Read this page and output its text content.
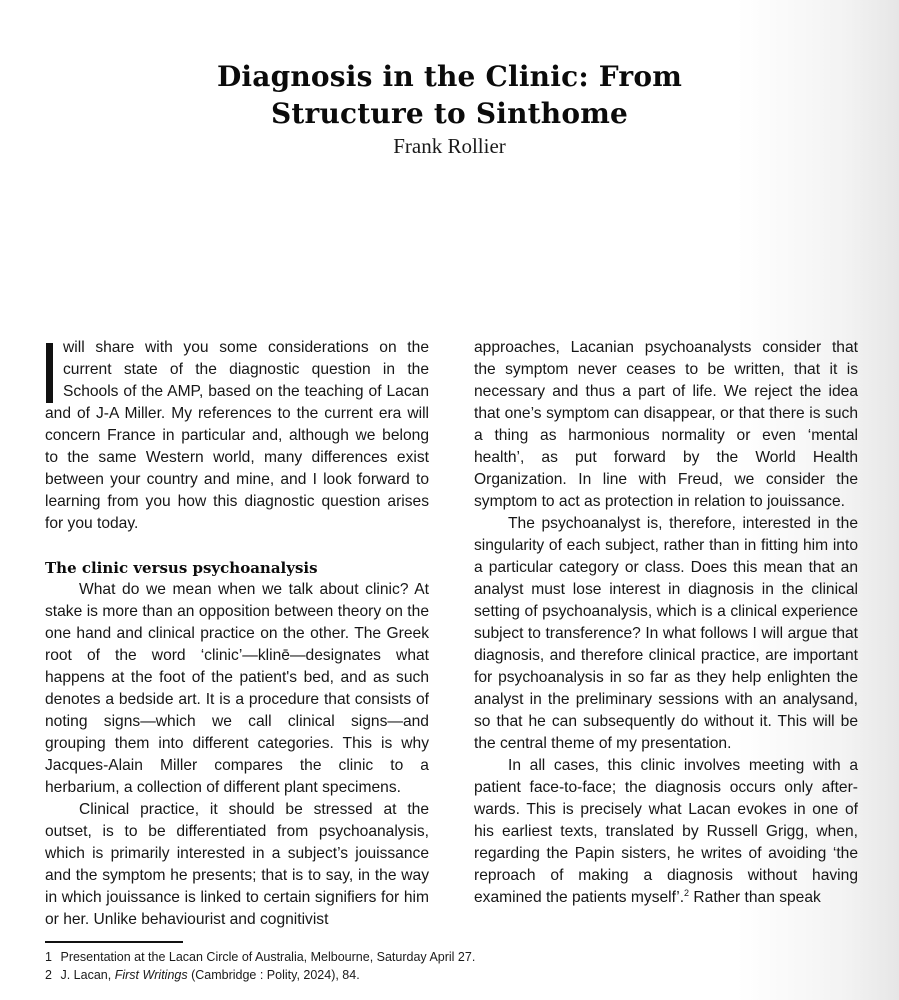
Diagnosis in the Clinic: From
Structure to Sinthome
Frank Rollier

will share with you some considerations on the current state of the diagnostic question in the Schools of the AMP, based on the teaching of Lacan and of J-A Miller. My references to the current era will concern France in particular and, although we belong to the same Western world, many differences exist between your country and mine, and I look forward to learning from you how this diagnostic question arises for you today.

The clinic versus psychoanalysis

What do we mean when we talk about clinic? At stake is more than an opposition between theory on the one hand and clinical practice on the other. The Greek root of the word ‘clinic’—klinē—designates what happens at the foot of the patient's bed, and as such denotes a bedside art. It is a procedure that consists of noting signs—which we call clinical signs—and grouping them into different categories. This is why Jacques-Alain Miller compares the clinic to a herbarium, a collection of different plant specimens.

Clinical practice, it should be stressed at the outset, is to be differentiated from psychoanalysis, which is primarily interested in a subject’s jouissance and the symptom he presents; that is to say, in the way in which jouissance is linked to certain signifiers for him or her. Unlike behaviourist and cognitivist

approaches, Lacanian psychoanalysts consider that the symptom never ceases to be written, that it is necessary and thus a part of life. We reject the idea that one’s symptom can disappear, or that there is such a thing as harmonious normality or even ‘mental health’, as put forward by the World Health Organization. In line with Freud, we consider the symptom to act as protection in relation to jouissance.

The psychoanalyst is, therefore, interested in the singularity of each subject, rather than in fitting him into a particular category or class. Does this mean that an analyst must lose interest in diagnosis in the clinical setting of psychoanalysis, which is a clinical experience subject to transference? In what follows I will argue that diagnosis, and therefore clinical practice, are important for psychoanalysis in so far as they help enlighten the analyst in the preliminary sessions with an analysand, so that he can subsequently do without it. This will be the central theme of my presentation.

In all cases, this clinic involves meeting with a patient face-to-face; the diagnosis occurs only afterwards. This is precisely what Lacan evokes in one of his earliest texts, translated by Russell Grigg, when, regarding the Papin sisters, he writes of avoiding ‘the reproach of making a diagnosis without having examined the patients myself’.$^2$ Rather than speak

1 Presentation at the Lacan Circle of Australia, Melbourne, Saturday April 27.
2 J. Lacan, First Writings (Cambridge : Polity, 2024), 84.
